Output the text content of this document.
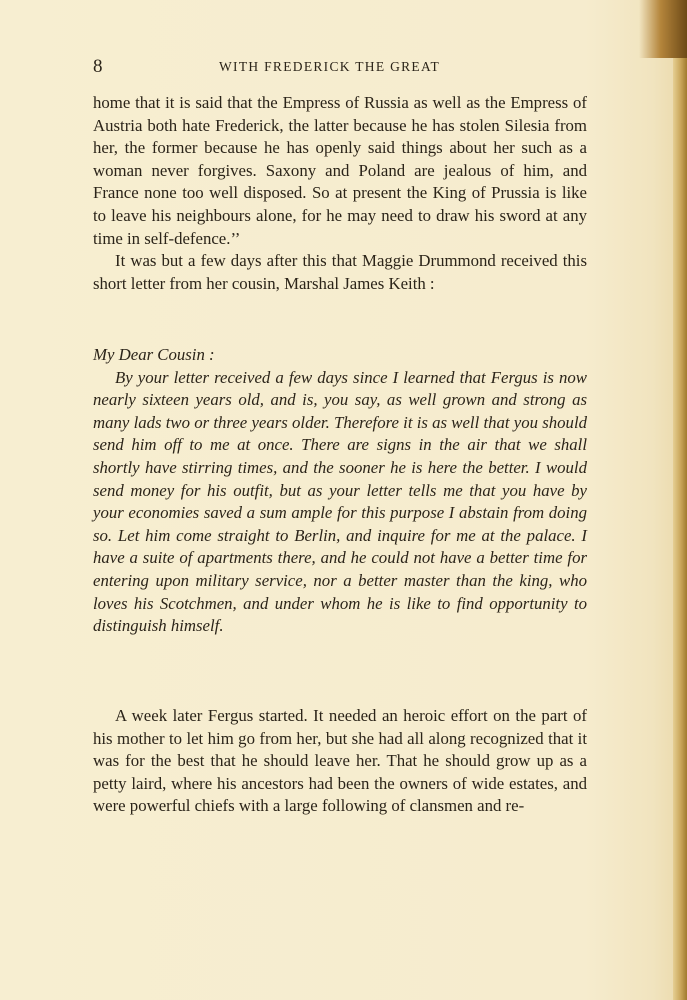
8	WITH FREDERICK THE GREAT

home that it is said that the Empress of Russia as well as the Empress of Austria both hate Frederick, the latter because he has stolen Silesia from her, the former because he has openly said things about her such as a woman never forgives. Saxony and Poland are jealous of him, and France none too well disposed. So at present the King of Prussia is like to leave his neighbours alone, for he may need to draw his sword at any time in self-defence.’’

It was but a few days after this that Maggie Drummond received this short letter from her cousin, Marshal James Keith :

My Dear Cousin :

By your letter received a few days since I learned that Fergus is now nearly sixteen years old, and is, you say, as well grown and strong as many lads two or three years older. Therefore it is as well that you should send him off to me at once. There are signs in the air that we shall shortly have stirring times, and the sooner he is here the better. I would send money for his outfit, but as your letter tells me that you have by your economies saved a sum ample for this purpose I abstain from doing so. Let him come straight to Berlin, and inquire for me at the palace. I have a suite of apartments there, and he could not have a better time for entering upon military service, nor a better master than the king, who loves his Scotchmen, and under whom he is like to find opportunity to distinguish himself.

A week later Fergus started. It needed an heroic effort on the part of his mother to let him go from her, but she had all along recognized that it was for the best that he should leave her. That he should grow up as a petty laird, where his ancestors had been the owners of wide estates, and were powerful chiefs with a large following of clansmen and re-
